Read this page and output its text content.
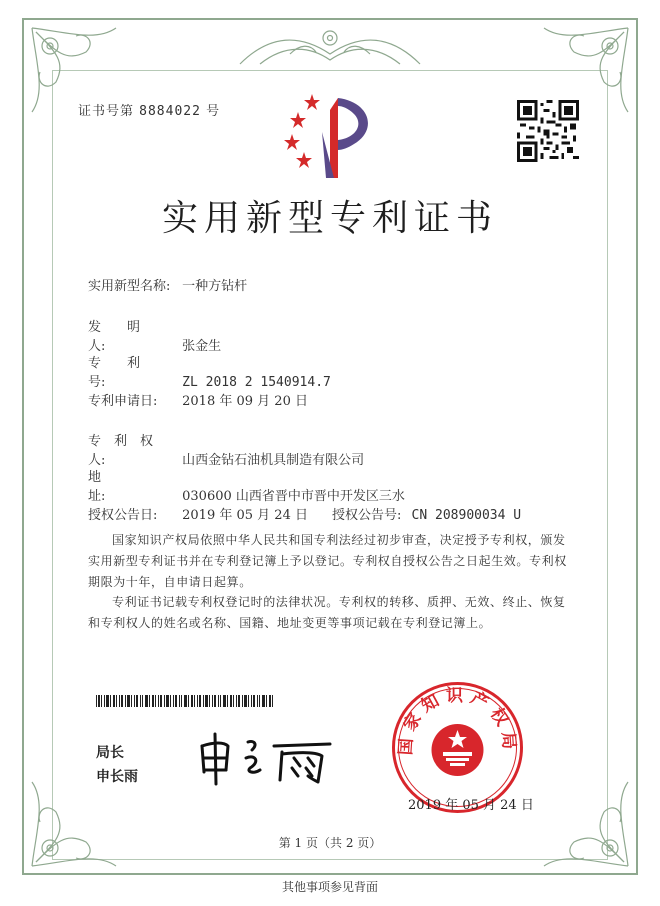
证书号第 8884022 号
实用新型专利证书
实用新型名称: 一种方钻杆
发　　明　　人:	张金生
专　　利　　号:	ZL 2018 2 1540914.7
专利申请日: 2018 年 09 月 20 日
专　利　权　人:	山西金钻石油机具制造有限公司
地　　　　　址:	030600 山西省晋中市晋中开发区三水
授权公告日: 2019 年 05 月 24 日 授权公告号: CN 208900034 U
国家知识产权局依照中华人民共和国专利法经过初步审查，决定授予专利权，颁发实用新型专利证书并在专利登记簿上予以登记。专利权自授权公告之日起生效。专利权期限为十年，自申请日起算。
专利证书记载专利权登记时的法律状况。专利权的转移、质押、无效、终止、恢复和专利权人的姓名或名称、国籍、地址变更等事项记载在专利登记簿上。
局长
申长雨
国家知识产权局
2019 年 05 月 24 日
第 1 页（共 2 页）
其他事项参见背面
